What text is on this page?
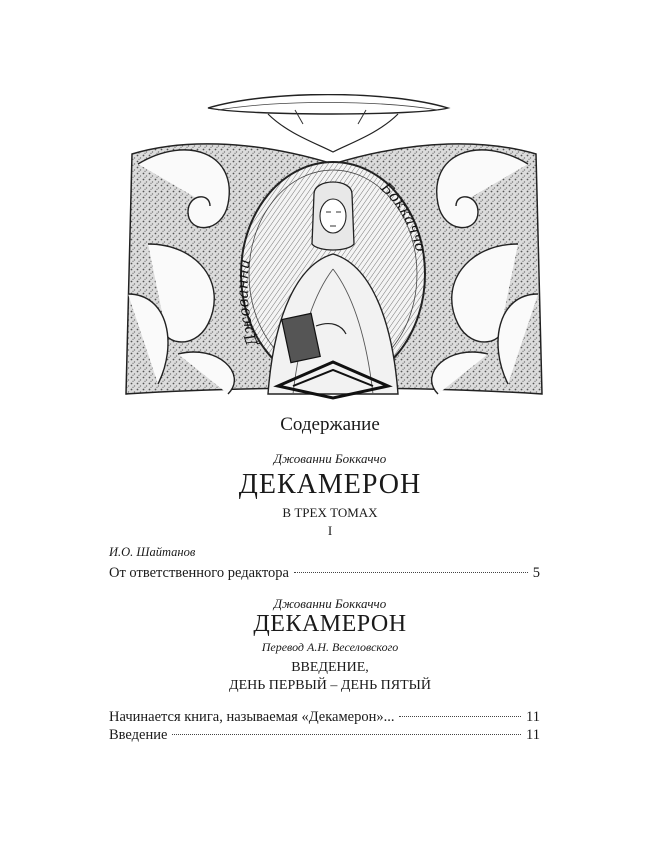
Джованни
Боккаччо
Содержание
Джованни Боккаччо
ДЕКАМЕРОН
В ТРЕХ ТОМАХ
I
И.О. Шайтанов
От ответственного редактора	5
Джованни Боккаччо
ДЕКАМЕРОН
Перевод А.Н. Веселовского
ВВЕДЕНИЕ,
ДЕНЬ ПЕРВЫЙ – ДЕНЬ ПЯТЫЙ
Начинается книга, называемая «Декамерон»...	11
Введение	11
